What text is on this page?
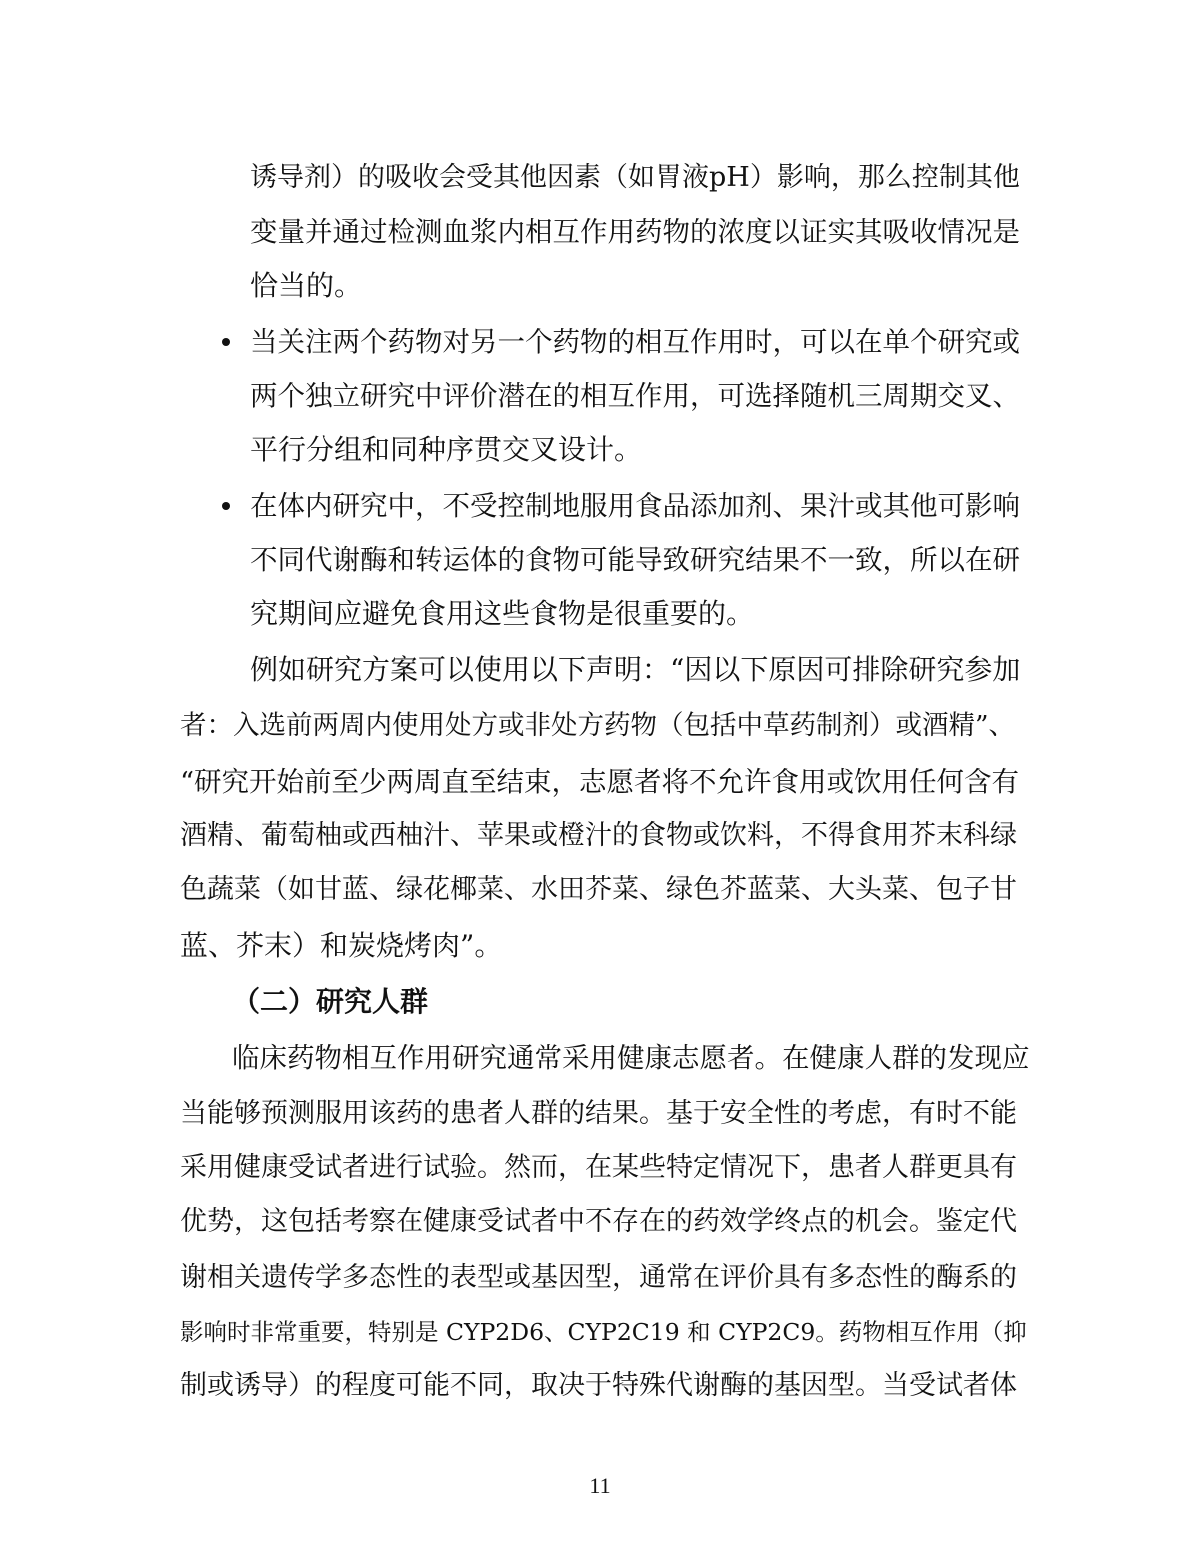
诱导剂）的吸收会受其他因素（如胃液pH）影响，那么控制其他
变量并通过检测血浆内相互作用药物的浓度以证实其吸收情况是
恰当的。
当关注两个药物对另一个药物的相互作用时，可以在单个研究或
两个独立研究中评价潜在的相互作用，可选择随机三周期交叉、
平行分组和同种序贯交叉设计。
在体内研究中，不受控制地服用食品添加剂、果汁或其他可影响
不同代谢酶和转运体的食物可能导致研究结果不一致，所以在研
究期间应避免食用这些食物是很重要的。
例如研究方案可以使用以下声明：“因以下原因可排除研究参加
者：入选前两周内使用处方或非处方药物（包括中草药制剂）或酒精”、
“研究开始前至少两周直至结束，志愿者将不允许食用或饮用任何含有
酒精、葡萄柚或西柚汁、苹果或橙汁的食物或饮料，不得食用芥末科绿
色蔬菜（如甘蓝、绿花椰菜、水田芥菜、绿色芥蓝菜、大头菜、包子甘
蓝、芥末）和炭烧烤肉”。
（二）研究人群
临床药物相互作用研究通常采用健康志愿者。在健康人群的发现应
当能够预测服用该药的患者人群的结果。基于安全性的考虑，有时不能
采用健康受试者进行试验。然而，在某些特定情况下，患者人群更具有
优势，这包括考察在健康受试者中不存在的药效学终点的机会。鉴定代
谢相关遗传学多态性的表型或基因型，通常在评价具有多态性的酶系的
影响时非常重要，特别是 CYP2D6、CYP2C19 和 CYP2C9。药物相互作用（抑
制或诱导）的程度可能不同，取决于特殊代谢酶的基因型。当受试者体
11
